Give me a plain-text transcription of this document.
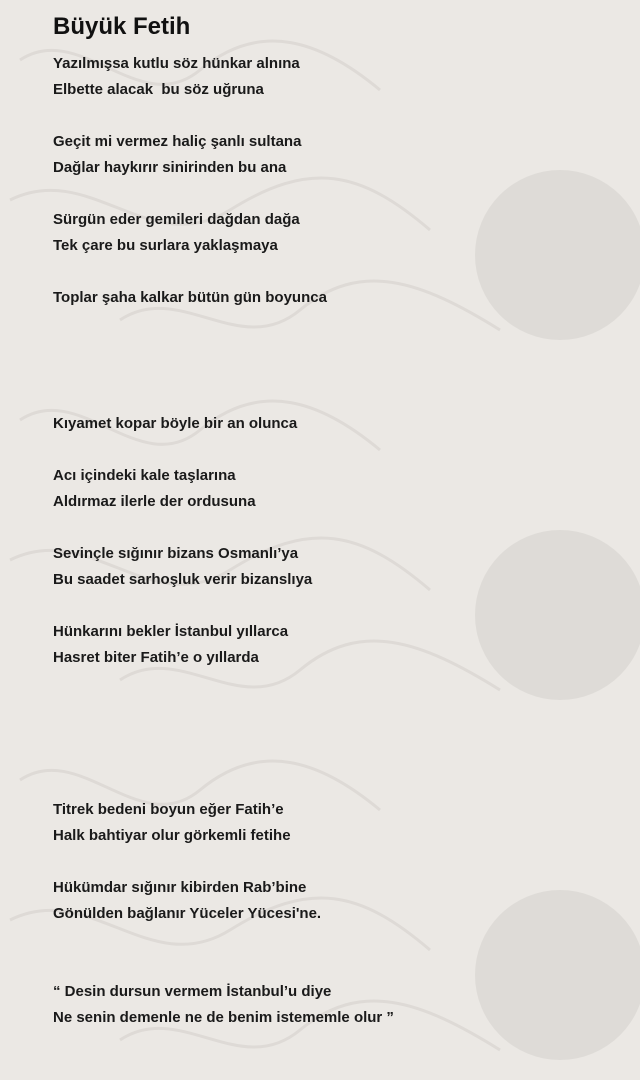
Büyük Fetih

Yazılmışsa kutlu söz hünkar alnına

Elbette alacak  bu söz uğruna

Geçit mi vermez haliç şanlı sultana

Dağlar haykırır sinirinden bu ana

Sürgün eder gemileri dağdan dağa

Tek çare bu surlara yaklaşmaya

Toplar şaha kalkar bütün gün boyunca

Kıyamet kopar böyle bir an olunca

Acı içindeki kale taşlarına

Aldırmaz ilerle der ordusuna

Sevinçle sığınır bizans Osmanlı’ya

Bu saadet sarhoşluk verir bizanslıya

Hünkarını bekler İstanbul yıllarca

Hasret biter Fatih’e o yıllarda

Titrek bedeni boyun eğer Fatih’e

Halk bahtiyar olur görkemli fetihe

Hükümdar sığınır kibirden Rab’bine

Gönülden bağlanır Yüceler Yücesi'ne.

“ Desin dursun vermem İstanbul’u diye

Ne senin demenle ne de benim istememle olur ”
